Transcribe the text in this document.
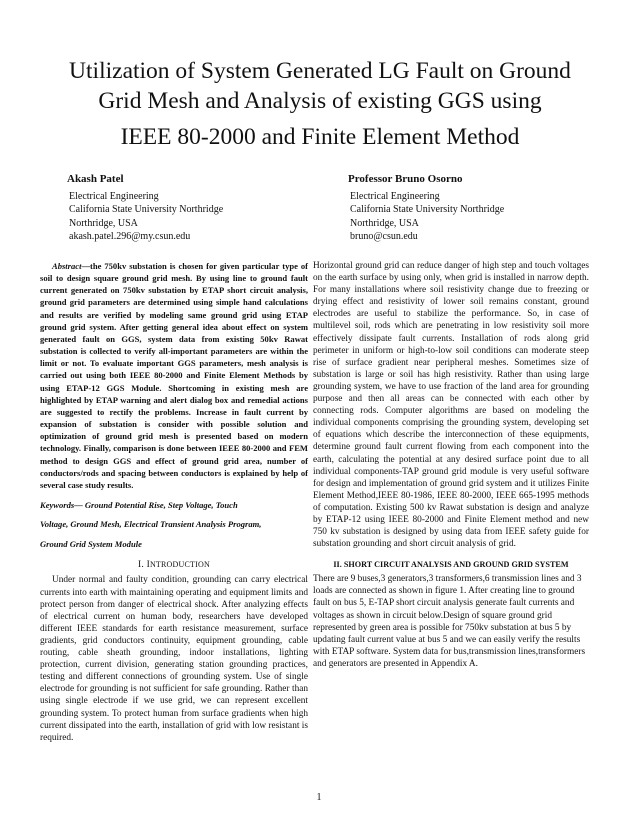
Utilization of System Generated LG Fault on Ground
Grid Mesh and Analysis of existing GGS using
IEEE 80-2000 and Finite Element Method
Akash Patel
Electrical Engineering
California State University Northridge
Northridge, USA
akash.patel.296@my.csun.edu
Professor Bruno Osorno
Electrical Engineering
California State University Northridge
Northridge, USA
bruno@csun.edu

Abstract—the 750kv substation is chosen for given particular type of soil to design square ground grid mesh. By using line to ground fault current generated on 750kv substation by ETAP short circuit analysis, ground grid parameters are determined using simple hand calculations and results are verified by modeling same ground grid using ETAP ground grid system. After getting general idea about effect on system generated fault on GGS, system data from existing 50kv Rawat substation is collected to verify all-important parameters are within the limit or not. To evaluate important GGS parameters, mesh analysis is carried out using both IEEE 80-2000 and Finite Element Methods by using ETAP-12 GGS Module. Shortcoming in existing mesh are highlighted by ETAP warning and alert dialog box and remedial actions are suggested to rectify the problems. Increase in fault current by expansion of substation is consider with possible solution and optimization of ground grid mesh is presented based on modern technology. Finally, comparison is done between IEEE 80-2000 and FEM method to design GGS and effect of ground grid area, number of conductors/rods and spacing between conductors is explained by help of several case study results.

Keywords— Ground Potential Rise, Step Voltage, Touch
Voltage, Ground Mesh, Electrical Transient Analysis Program,
Ground Grid System Module
I. INTRODUCTION

Under normal and faulty condition, grounding can carry electrical currents into earth with maintaining operating and equipment limits and protect person from danger of electrical shock. After analyzing effects of electrical current on human body, researchers have developed different IEEE standards for earth resistance measurement, surface gradients, grid conductors continuity, equipment grounding, cable routing, cable sheath grounding, indoor installations, lighting protection, current division, generating station grounding practices, testing and different connections of grounding system. Use of single electrode for grounding is not sufficient for safe grounding. Rather than using single electrode if we use grid, we can represent excellent grounding system. To protect human from surface gradients when high current dissipated into the earth, installation of grid with low resistant is required.

Horizontal ground grid can reduce danger of high step and touch voltages on the earth surface by using only, when grid is installed in narrow depth. For many installations where soil resistivity change due to freezing or drying effect and resistivity of lower soil remains constant, ground electrodes are useful to stabilize the performance. So, in case of multilevel soil, rods which are penetrating in low resistivity soil more effectively dissipate fault currents. Installation of rods along grid perimeter in uniform or high-to-low soil conditions can moderate steep rise of surface gradient near peripheral meshes. Sometimes size of substation is large or soil has high resistivity. Rather than using large grounding system, we have to use fraction of the land area for grounding purpose and then all areas can be connected with each other by connecting rods. Computer algorithms are based on modeling the individual components comprising the grounding system, developing set of equations which describe the interconnection of these equipments, determine ground fault current flowing from each component into the earth, calculating the potential at any desired surface point due to all individual components-TAP ground grid module is very useful software for design and implementation of ground grid system and it utilizes Finite Element Method,IEEE 80-1986, IEEE 80-2000, IEEE 665-1995 methods of computation. Existing 500 kv Rawat substation is design and analyze by ETAP-12 using IEEE 80-2000 and Finite Element method and new 750 kv substation is designed by using data from IEEE safety guide for substation grounding and short circuit analysis of grid.

II. SHORT CIRCUIT ANALYSIS AND GROUND GRID SYSTEM

There are 9 buses,3 generators,3 transformers,6 transmission lines and 3 loads are connected as shown in figure 1. After creating line to ground fault on bus 5, E-TAP short circuit analysis generate fault currents and voltages as shown in circuit below.Design of square ground grid represented by green area is possible for 750kv substation at bus 5 by updating fault current value at bus 5 and we can easily verify the results with ETAP software. System data for bus,transmission lines,transformers and generators are presented in Appendix A.

1
